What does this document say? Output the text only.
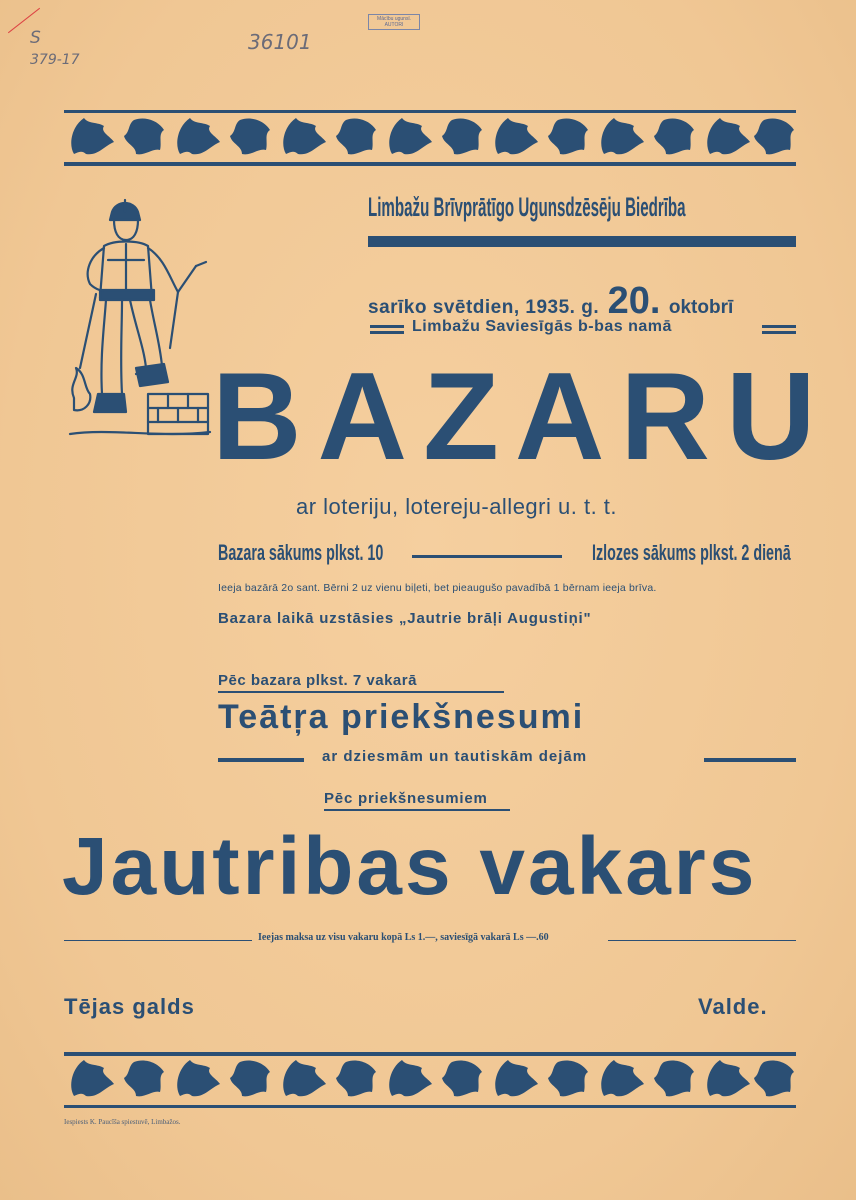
S
379-17
36101
Mācību ugunsl. AUTORI
Limbažu Brīvprātīgo Ugunsdzēsēju Biedrība
sarīko svētdien, 1935. g. 20. oktobrī
Limbažu Saviesīgās b-bas namā
BAZARU
ar loteriju, lotereju-allegri u. t. t.
Bazara sākums plkst. 10	Izlozes sākums plkst. 2 dienā
Ieeja bazārā 2o sant. Bērni 2 uz vienu biļeti, bet pieaugušo pavadībā 1 bērnam ieeja brīva.
Bazara laikā uzstāsies „Jautrie brāļi Augustiņi"
Pēc bazara plkst. 7 vakarā
Teātŗa priekšnesumi
ar dziesmām un tautiskām dejām
Pēc priekšnesumiem
Jautribas vakars
Ieejas maksa uz visu vakaru kopā Ls 1.—, saviesīgā vakarā Ls —.60
Tējas galds	Valde.
Iespiests K. Paucīša spiestuvē, Limbažos.
